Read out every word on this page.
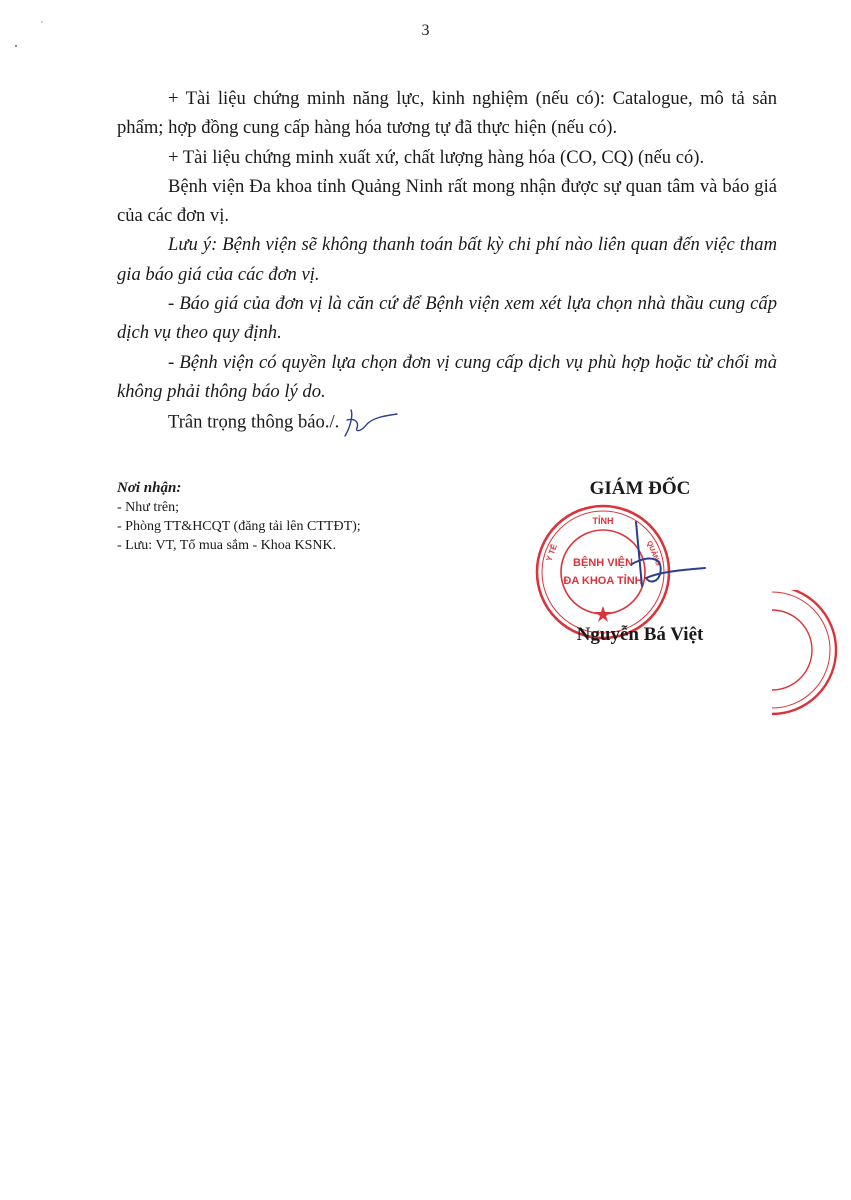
3

+ Tài liệu chứng minh năng lực, kinh nghiệm (nếu có): Catalogue, mô tả sản phẩm; hợp đồng cung cấp hàng hóa tương tự đã thực hiện (nếu có).

+ Tài liệu chứng minh xuất xứ, chất lượng hàng hóa (CO, CQ) (nếu có).

Bệnh viện Đa khoa tỉnh Quảng Ninh rất mong nhận được sự quan tâm và báo giá của các đơn vị.

Lưu ý: Bệnh viện sẽ không thanh toán bất kỳ chi phí nào liên quan đến việc tham gia báo giá của các đơn vị.

- Báo giá của đơn vị là căn cứ để Bệnh viện xem xét lựa chọn nhà thầu cung cấp dịch vụ theo quy định.

- Bệnh viện có quyền lựa chọn đơn vị cung cấp dịch vụ phù hợp hoặc từ chối mà không phải thông báo lý do.

Trân trọng thông báo./.

Nơi nhận:
- Như trên;
- Phòng TT&HCQT (đăng tải lên CTTĐT);
- Lưu: VT, Tổ mua sắm - Khoa KSNK.
GIÁM ĐỐC
TỈNH
Y TẾ	QUẢNG
BỆNH VIỆN
ĐA KHOA TỈNH
Nguyễn Bá Việt
